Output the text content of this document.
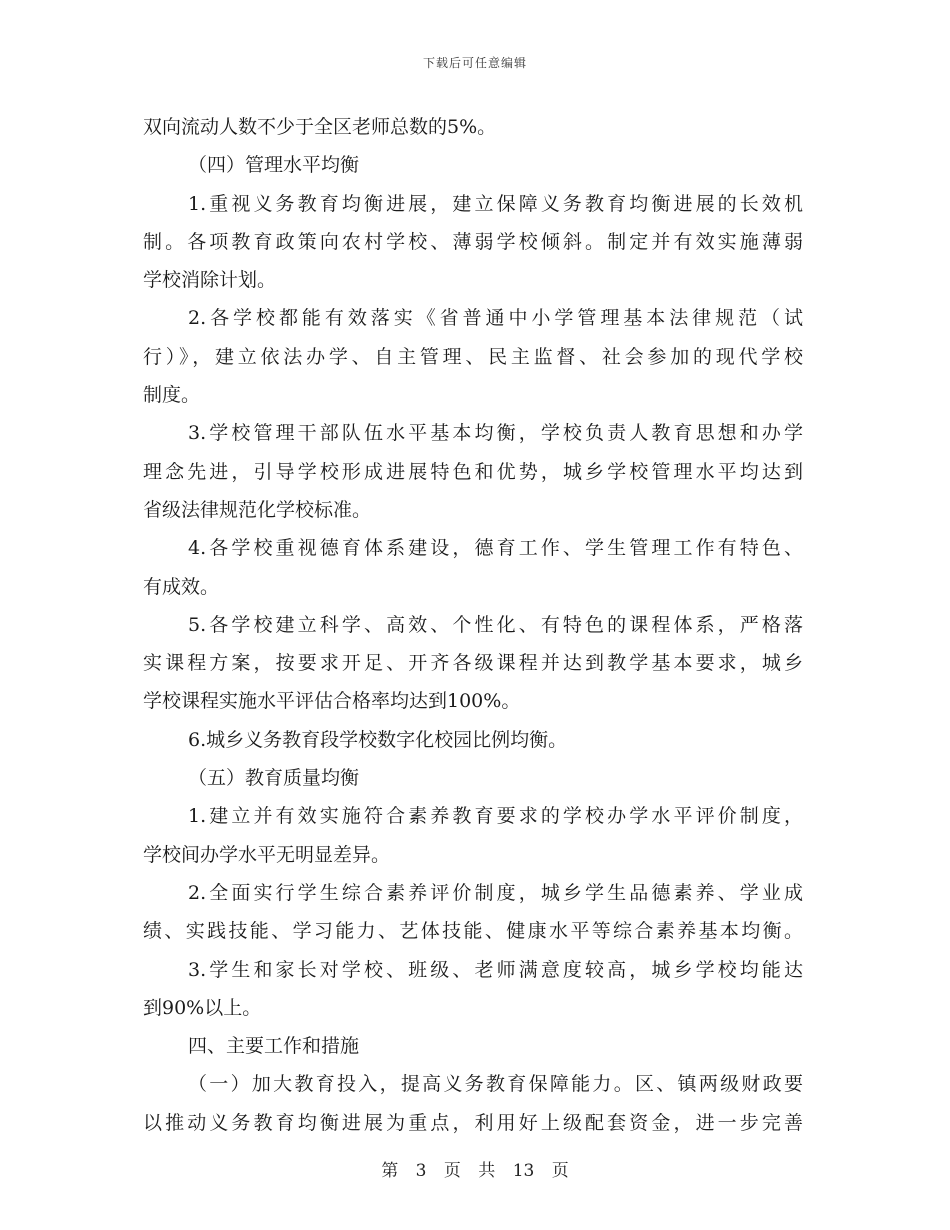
下载后可任意编辑
双向流动人数不少于全区老师总数的5%。
（四）管理水平均衡
1.重视义务教育均衡进展，建立保障义务教育均衡进展的长效机
制。各项教育政策向农村学校、薄弱学校倾斜。制定并有效实施薄弱
学校消除计划。
2.各学校都能有效落实《省普通中小学管理基本法律规范（试
行）》，建立依法办学、自主管理、民主监督、社会参加的现代学校
制度。
3.学校管理干部队伍水平基本均衡，学校负责人教育思想和办学
理念先进，引导学校形成进展特色和优势，城乡学校管理水平均达到
省级法律规范化学校标准。
4.各学校重视德育体系建设，德育工作、学生管理工作有特色、
有成效。
5.各学校建立科学、高效、个性化、有特色的课程体系，严格落
实课程方案，按要求开足、开齐各级课程并达到教学基本要求，城乡
学校课程实施水平评估合格率均达到100%。
6.城乡义务教育段学校数字化校园比例均衡。
（五）教育质量均衡
1.建立并有效实施符合素养教育要求的学校办学水平评价制度，
学校间办学水平无明显差异。
2.全面实行学生综合素养评价制度，城乡学生品德素养、学业成
绩、实践技能、学习能力、艺体技能、健康水平等综合素养基本均衡。
3.学生和家长对学校、班级、老师满意度较高，城乡学校均能达
到90%以上。
四、主要工作和措施
（一）加大教育投入，提高义务教育保障能力。区、镇两级财政要
以推动义务教育均衡进展为重点，利用好上级配套资金，进一步完善
第 3 页 共 13 页
